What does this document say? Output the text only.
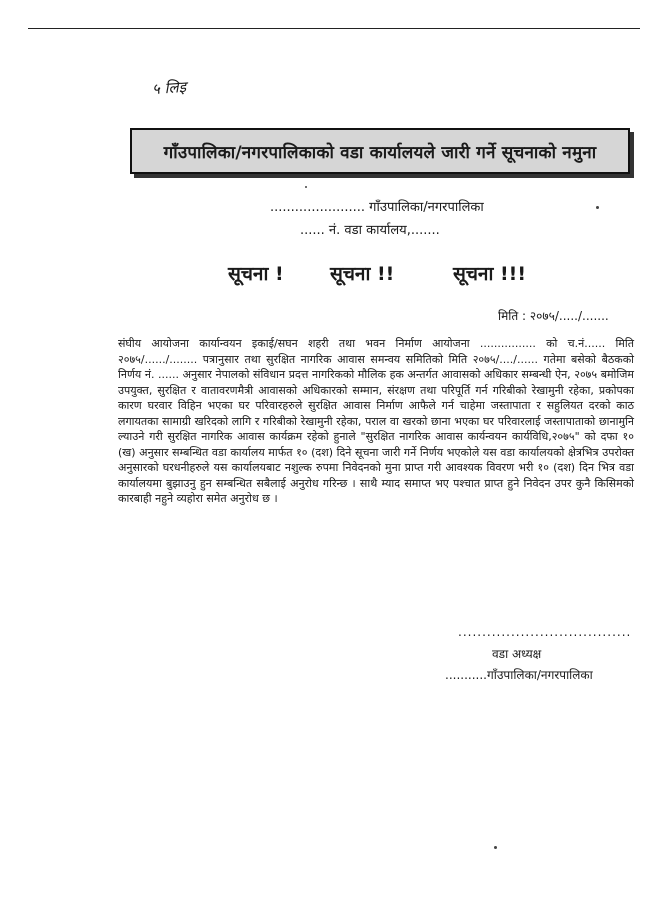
५ लिइ
गाँउपालिका/नगरपालिकाको वडा कार्यालयले जारी गर्ने सूचनाको नमुना
....................... गाँउपालिका/नगरपालिका
...... नं. वडा कार्यालय,.......
सूचना ! सूचना !!	सूचना !!!
मिति : २०७५/...../.......
संघीय आयोजना कार्यान्वयन इकाई/सघन शहरी तथा भवन निर्माण आयोजना ................ को च.नं...... मिति २०७५/....../........ पत्रानुसार तथा सुरक्षित नागरिक आवास समन्वय समितिको मिति २०७५/..../...... गतेमा बसेको बैठकको निर्णय नं. ...... अनुसार नेपालको संविधान प्रदत्त नागरिकको मौलिक हक अन्तर्गत आवासको अधिकार सम्बन्धी ऐन, २०७५ बमोजिम उपयुक्त, सुरक्षित र वातावरणमैत्री आवासको अधिकारको सम्मान, संरक्षण तथा परिपूर्ति गर्न गरिबीको रेखामुनी रहेका, प्रकोपका कारण घरवार विहिन भएका घर परिवारहरुले सुरक्षित आवास निर्माण आफैले गर्न चाहेमा जस्तापाता र सहुलियत दरको काठ लगायतका सामाग्री खरिदको लागि र गरिबीको रेखामुनी रहेका, पराल वा खरको छाना भएका घर परिवारलाई जस्तापाताको छानामुनि ल्याउने गरी सुरक्षित नागरिक आवास कार्यक्रम रहेको हुनाले "सुरक्षित नागरिक आवास कार्यन्वयन कार्यविधि,२०७५" को दफा १० (ख) अनुसार सम्बन्धित वडा कार्यालय मार्फत १० (दश) दिने सूचना जारी गर्ने निर्णय भएकोले यस वडा कार्यालयको क्षेत्रभित्र उपरोक्त अनुसारको घरधनीहरुले यस कार्यालयबाट नशुल्क रुपमा निवेदनको मुना प्राप्त गरी आवश्यक विवरण भरी १० (दश) दिन भित्र वडा कार्यालयमा बुझाउनु हुन सम्बन्धित सबैलाई अनुरोध गरिन्छ । साथै म्याद समाप्त भए पश्चात प्राप्त हुने निवेदन उपर कुनै किसिमको कारबाही नहुने व्यहोरा समेत अनुरोध छ ।
....................................
वडा अध्यक्ष
...........गाँउपालिका/नगरपालिका
